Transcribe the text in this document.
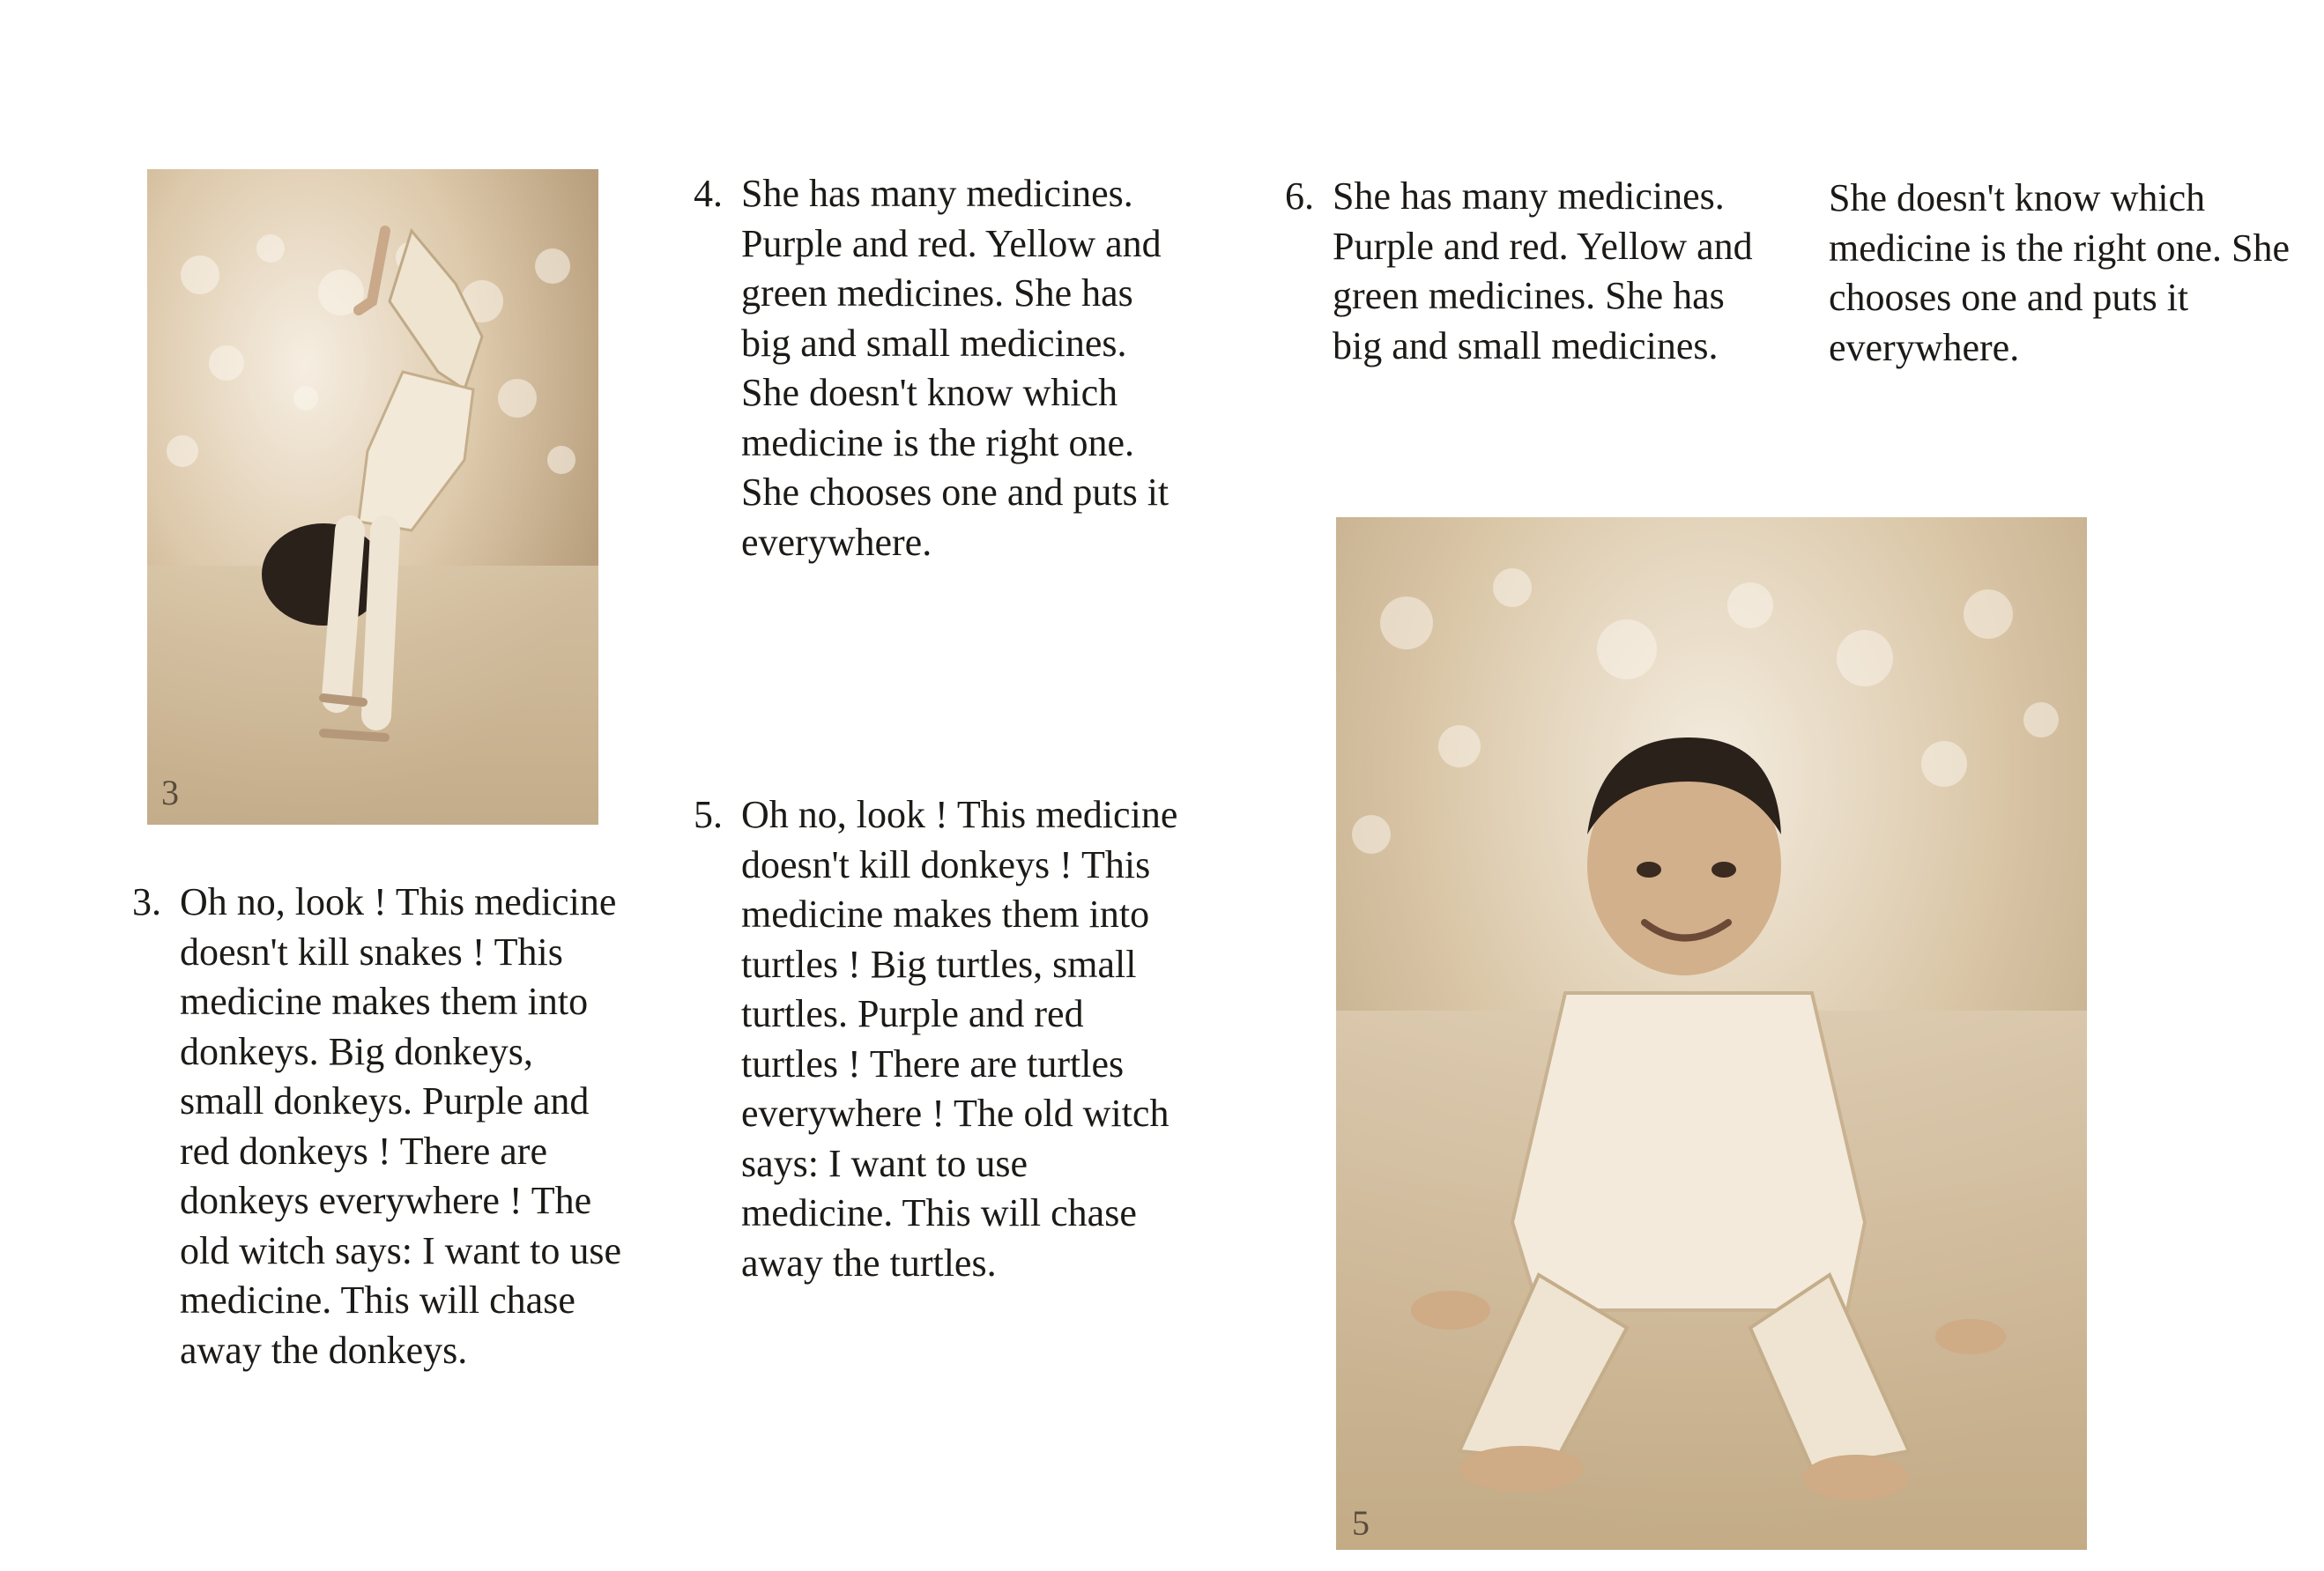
3
5
3. Oh no, look ! This medicine doesn't kill snakes ! This medicine makes them into donkeys. Big donkeys, small donkeys. Purple and red donkeys ! There are donkeys everywhere ! The old witch says: I want to use medicine. This will chase away the donkeys.
4. She has many medicines. Purple and red. Yellow and green medicines. She has big and small medicines. She doesn't know which medicine is the right one. She chooses one and puts it everywhere.
5. Oh no, look ! This medicine doesn't kill donkeys ! This medicine makes them into turtles ! Big turtles, small turtles. Purple and red turtles ! There are turtles everywhere ! The old witch says: I want to use medicine. This will chase away the turtles.
6. She has many medicines. Purple and red. Yellow and green medicines. She has big and small medicines.
She doesn't know which medicine is the right one. She chooses one and puts it everywhere.
